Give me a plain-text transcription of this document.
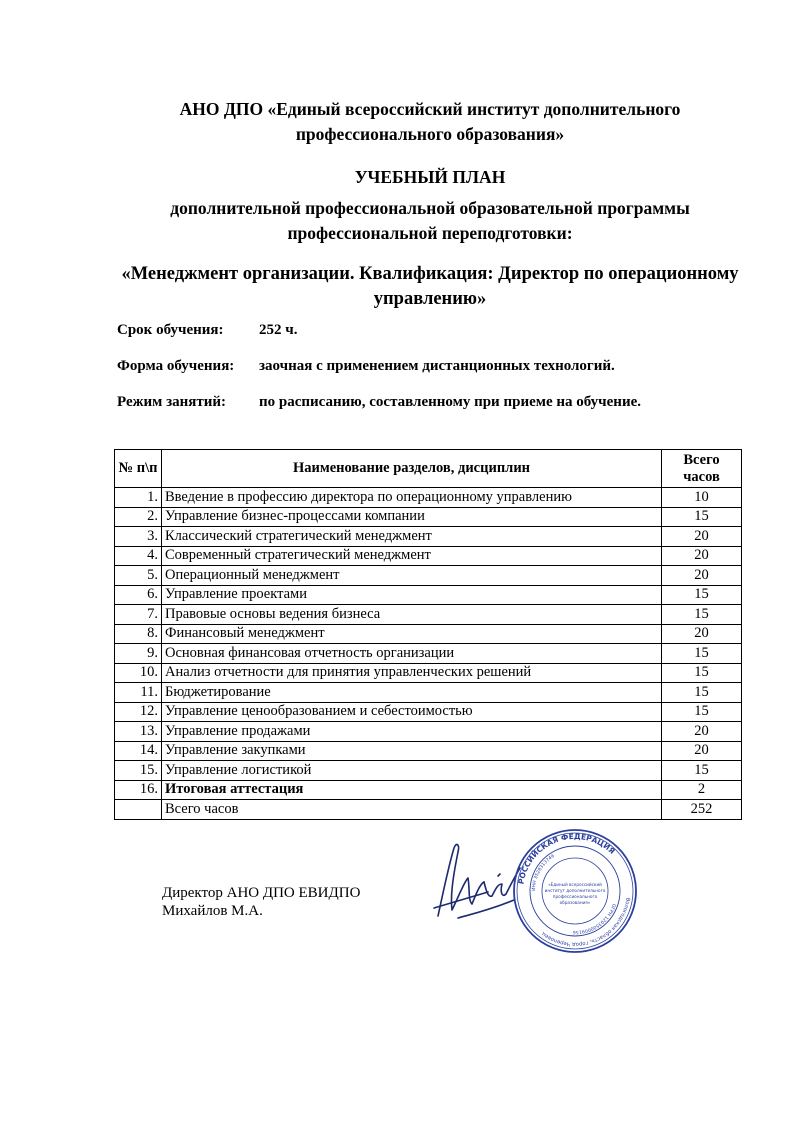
АНО ДПО «Единый всероссийский институт дополнительного
профессионального образования»
УЧЕБНЫЙ ПЛАН
дополнительной профессиональной образовательной программы
профессиональной переподготовки:
«Менеджмент организации. Квалификация: Директор по операционному
управлению»
Срок обучения: 252 ч.
Форма обучения: заочная с применением дистанционных технологий.
Режим занятий: по расписанию, составленному при приеме на обучение.
№ п\п	Наименование разделов, дисциплин	Всего
часов

1.	Введение в профессию директора по операционному управлению	10
2.	Управление бизнес-процессами компании	15
3.	Классический стратегический менеджмент	20
4.	Современный стратегический менеджмент	20
5.	Операционный менеджмент	20
6.	Управление проектами	15
7.	Правовые основы ведения бизнеса	15
8.	Финансовый менеджмент	20
9.	Основная финансовая отчетность организации	15
10.	Анализ отчетности для принятия управленческих решений	15
11.	Бюджетирование	15
12.	Управление ценообразованием и себестоимостью	15
13.	Управление продажами	20
14.	Управление закупками	20
15.	Управление логистикой	15
16.	Итоговая аттестация	2
	Всего часов	252
Директор АНО ДПО ЕВИДПО
Михайлов М.А.
РОССИЙСКАЯ ФЕДЕРАЦИЯ
Вологодская область, город Череповец
ИНН 3528313749
ОГРН 1203500009156
«Единый всероссийский
институт дополнительного
профессионального
образования»
